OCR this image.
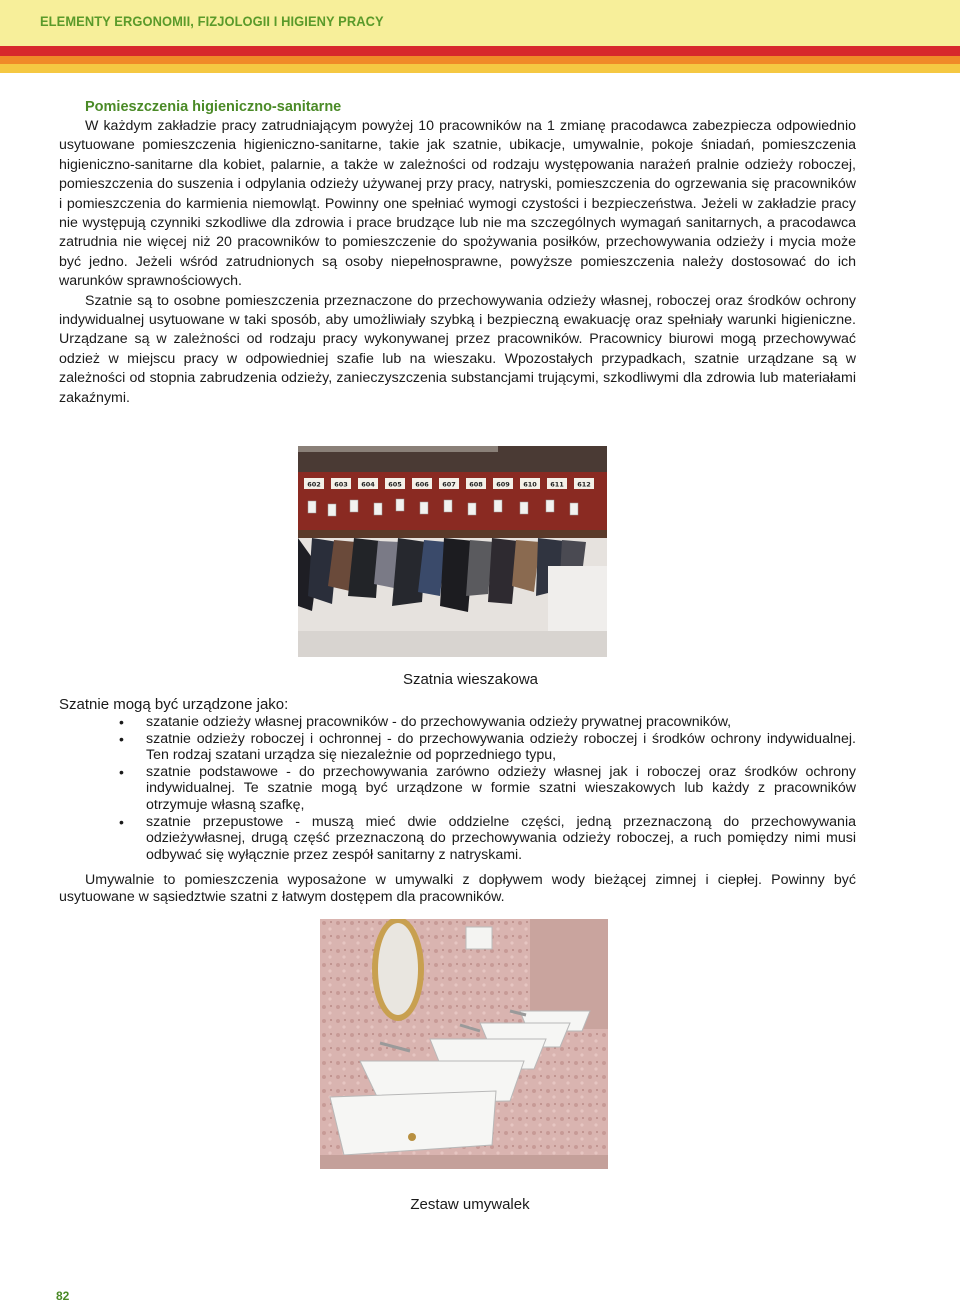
ELEMENTY ERGONOMII, FIZJOLOGII I HIGIENY PRACY

Pomieszczenia higieniczno-sanitarne

W każdym zakładzie pracy zatrudniającym powyżej 10 pracowników na 1 zmianę pracodawca zabezpiecza odpowiednio usytuowane pomieszczenia higieniczno-sanitarne, takie jak szatnie, ubikacje, umywalnie, pokoje śniadań, pomieszczenia higieniczno-sanitarne dla kobiet, palarnie, a także w zależności od rodzaju występowania narażeń pralnie odzieży roboczej, pomieszczenia do suszenia i odpylania odzieży używanej przy pracy, natryski, pomieszczenia do ogrzewania się pracowników i pomieszczenia do karmienia niemowląt. Powinny one spełniać wymogi czystości i bezpieczeństwa. Jeżeli w zakładzie pracy nie występują czynniki szkodliwe dla zdrowia i prace brudzące lub nie ma szczególnych wymagań sanitarnych, a pracodawca zatrudnia nie więcej niż 20 pracowników to pomieszczenie do spożywania posiłków, przechowywania odzieży i mycia może być jedno. Jeżeli wśród zatrudnionych są osoby niepełnosprawne, powyższe pomieszczenia należy dostosować do ich warunków sprawnościowych.

Szatnie są to osobne pomieszczenia przeznaczone do przechowywania odzieży własnej, roboczej oraz środków ochrony indywidualnej usytuowane w taki sposób, aby umożliwiały szybką i bezpieczną ewakuację oraz spełniały warunki higieniczne. Urządzane są w zależności od rodzaju pracy wykonywanej przez pracowników. Pracownicy biurowi mogą przechowywać odzież w miejscu pracy w odpowiedniej szafie lub na wieszaku. Wpozostałych przypadkach, szatnie urządzane są w zależności od stopnia zabrudzenia odzieży, zanieczyszczenia substancjami trującymi, szkodliwymi dla zdrowia lub materiałami zakaźnymi.

602 603 604 605 606 607 608 609 610 611 612
Szatnia wieszakowa
Szatnie mogą być urządzone jako:
• szatanie odzieży własnej pracowników - do przechowywania odzieży prywatnej pracowników,
• szatnie odzieży roboczej i ochronnej - do przechowywania odzieży roboczej i środków ochrony indywidualnej. Ten rodzaj szatani urządza się niezależnie od poprzedniego typu,
• szatnie podstawowe - do przechowywania zarówno odzieży własnej jak i roboczej oraz środków ochrony indywidualnej. Te szatnie mogą być urządzone w formie szatni wieszakowych lub każdy z pracowników otrzymuje własną szafkę,
• szatnie przepustowe - muszą mieć dwie oddzielne części, jedną przeznaczoną do przechowywania odzieżywłasnej, drugą część przeznaczoną do przechowywania odzieży roboczej, a ruch pomiędzy nimi musi odbywać się wyłącznie przez zespół sanitarny z natryskami.

Umywalnie to pomieszczenia wyposażone w umywalki z dopływem wody bieżącej zimnej i ciepłej. Powinny być usytuowane w sąsiedztwie szatni z łatwym dostępem dla pracowników.

Zestaw umywalek
82
